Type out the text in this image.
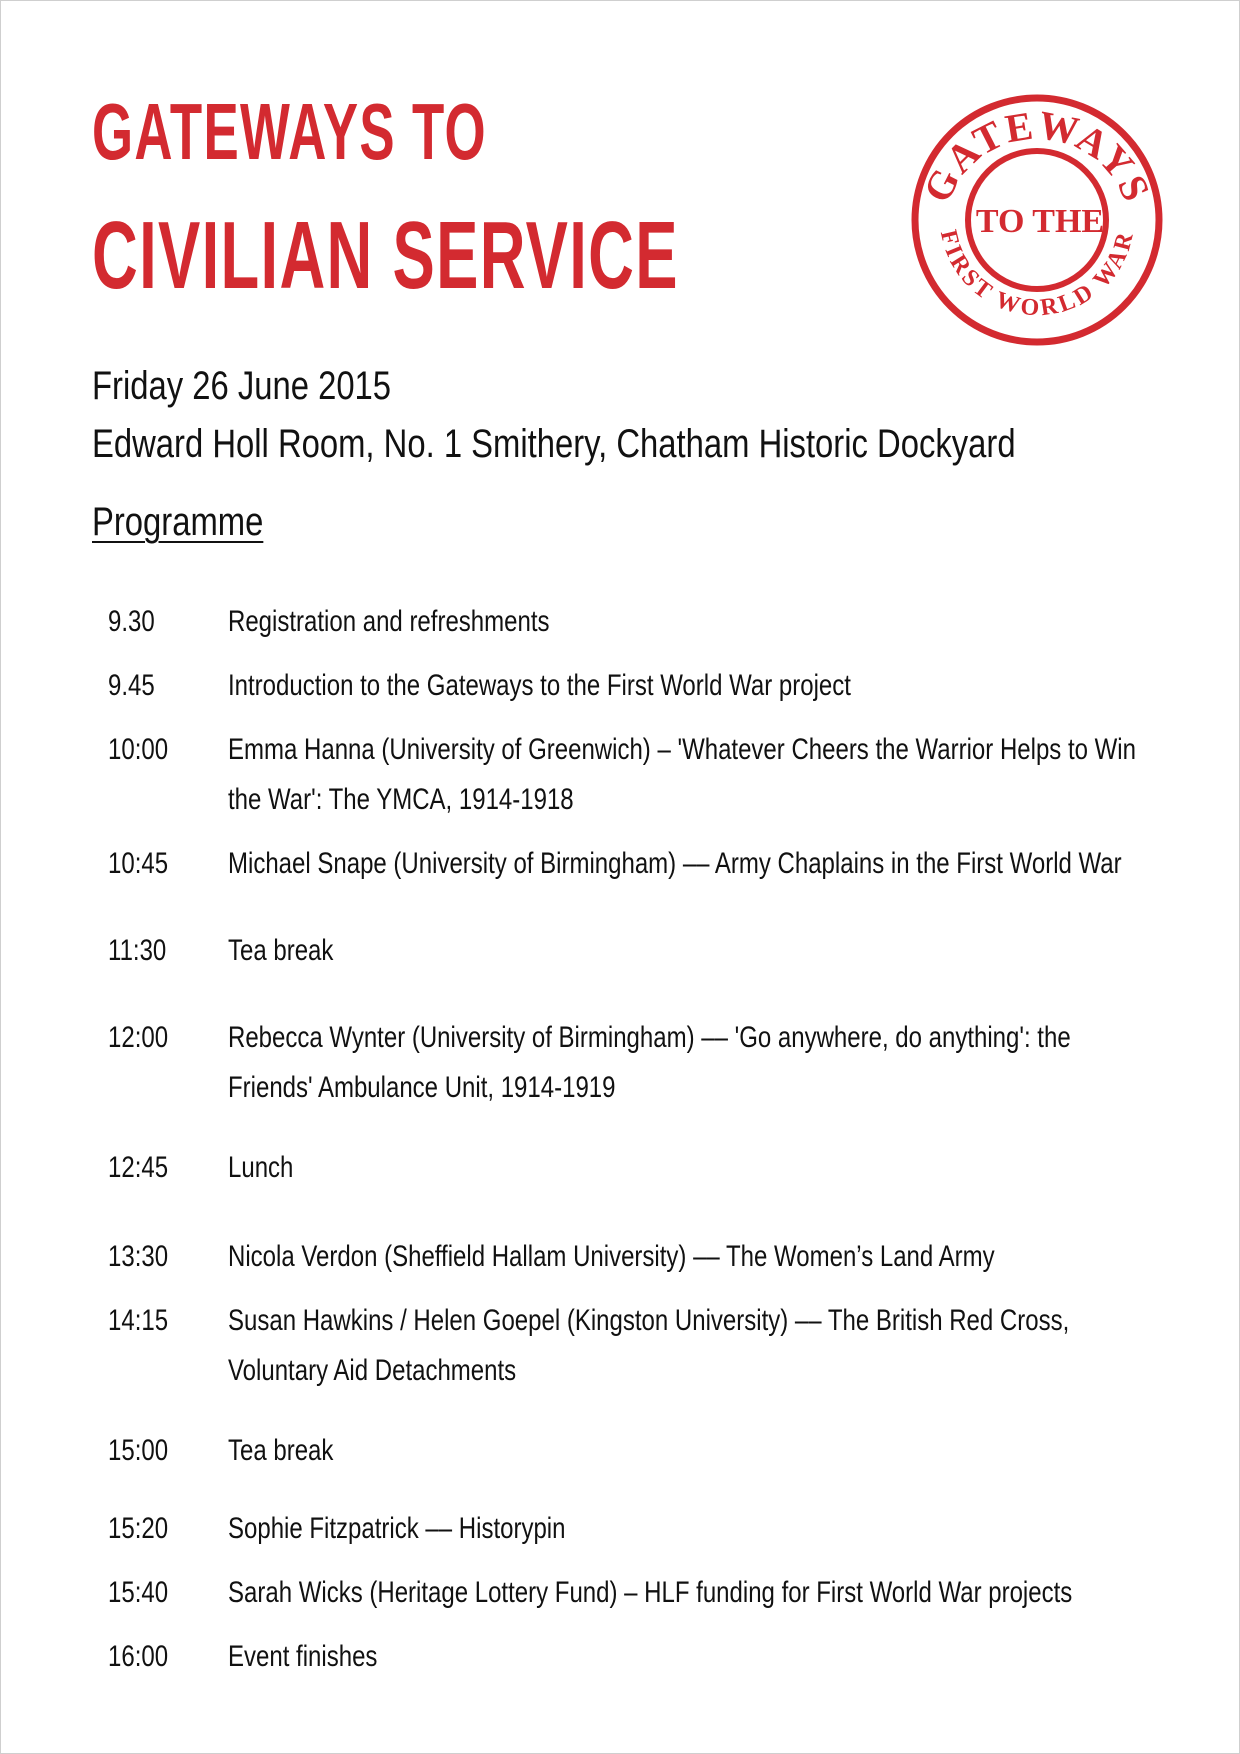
GATEWAYS TO
CIVILIAN SERVICE
GATEWAYS
TO THE
FIRST WORLD WAR

Friday 26 June 2015

Edward Holl Room, No. 1 Smithery, Chatham Historic Dockyard

Programme
9.30 Registration and refreshments
9.45 Introduction to the Gateways to the First World War project
10:00 Emma Hanna (University of Greenwich) – 'Whatever Cheers the Warrior Helps to Win the War': The YMCA, 1914-1918
10:45 Michael Snape (University of Birmingham) –– Army Chaplains in the First World War
11:30 Tea break
12:00 Rebecca Wynter (University of Birmingham) –– 'Go anywhere, do anything': the Friends' Ambulance Unit, 1914-1919
12:45 Lunch
13:30 Nicola Verdon (Sheffield Hallam University) –– The Women’s Land Army
14:15 Susan Hawkins / Helen Goepel (Kingston University) –– The British Red Cross, Voluntary Aid Detachments
15:00 Tea break
15:20 Sophie Fitzpatrick –– Historypin
15:40 Sarah Wicks (Heritage Lottery Fund) – HLF funding for First World War projects
16:00 Event finishes
